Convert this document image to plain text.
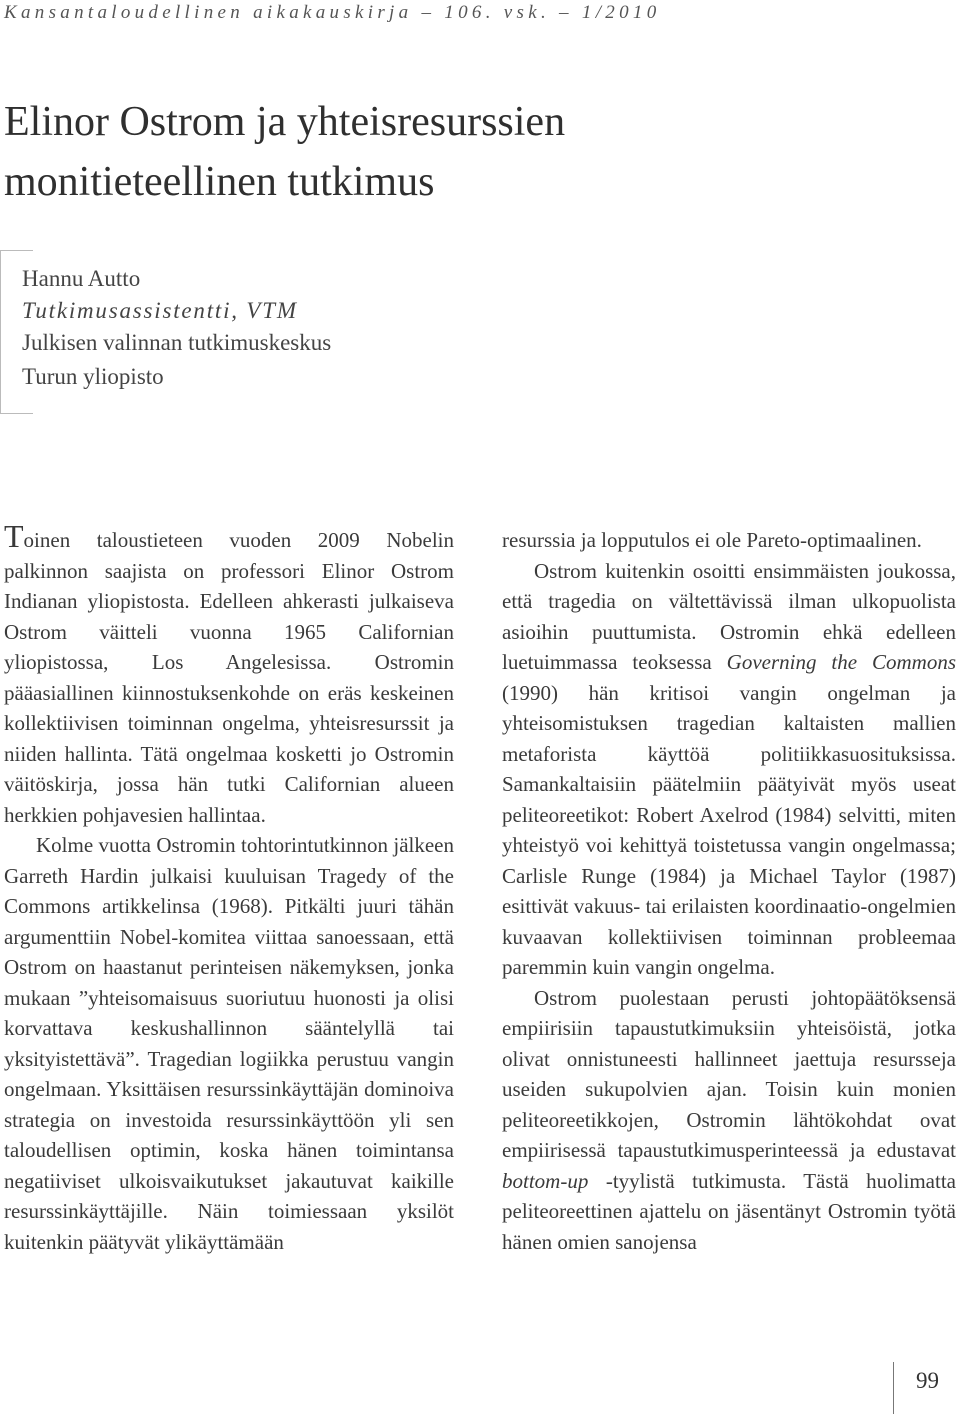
Kansantaloudellinen aikakauskirja – 106. vsk. – 1/2010
Elinor Ostrom ja yhteisresurssien
monitieteellinen tutkimus
Hannu Autto
Tutkimusassistentti, VTM
Julkisen valinnan tutkimuskeskus
Turun yliopisto

Toinen taloustieteen vuoden 2009 Nobelin palkinnon saajista on professori Elinor Ostrom Indianan yliopistosta. Edelleen ahkerasti julkaiseva Ostrom väitteli vuonna 1965 Californian yliopistossa, Los Angelesissa. Ostromin pääasiallinen kiinnostuksenkohde on eräs keskeinen kollektiivisen toiminnan ongelma, yhteisresurssit ja niiden hallinta. Tätä ongelmaa kosketti jo Ostromin väitöskirja, jossa hän tutki Californian alueen herkkien pohjavesien hallintaa.

Kolme vuotta Ostromin tohtorintutkinnon jälkeen Garreth Hardin julkaisi kuuluisan Tragedy of the Commons artikkelinsa (1968). Pitkälti juuri tähän argumenttiin Nobel-komitea viittaa sanoessaan, että Ostrom on haastanut perinteisen näkemyksen, jonka mukaan ”yhteisomaisuus suoriutuu huonosti ja olisi korvattava keskushallinnon sääntelyllä tai yksityistettävä”. Tragedian logiikka perustuu vangin ongelmaan. Yksittäisen resurssinkäyttäjän dominoiva strategia on investoida resurssinkäyttöön yli sen taloudellisen optimin, koska hänen toimintansa negatiiviset ulkoisvaikutukset jakautuvat kaikille resurssinkäyttäjille. Näin toimiessaan yksilöt kuitenkin päätyvät ylikäyttämään

resurssia ja lopputulos ei ole Pareto-optimaalinen.

Ostrom kuitenkin osoitti ensimmäisten joukossa, että tragedia on vältettävissä ilman ulkopuolista asioihin puuttumista. Ostromin ehkä edelleen luetuimmassa teoksessa Governing the Commons (1990) hän kritisoi vangin ongelman ja yhteisomistuksen tragedian kaltaisten mallien metaforista käyttöä politiikkasuosituksissa. Samankaltaisiin päätelmiin päätyivät myös useat peliteoreetikot: Robert Axelrod (1984) selvitti, miten yhteistyö voi kehittyä toistetussa vangin ongelmassa; Carlisle Runge (1984) ja Michael Taylor (1987) esittivät vakuus- tai erilaisten koordinaatio-ongelmien kuvaavan kollektiivisen toiminnan probleemaa paremmin kuin vangin ongelma.

Ostrom puolestaan perusti johtopäätöksensä empiirisiin tapaustutkimuksiin yhteisöistä, jotka olivat onnistuneesti hallinneet jaettuja resursseja useiden sukupolvien ajan. Toisin kuin monien peliteoreetikkojen, Ostromin lähtökohdat ovat empiirisessä tapaustutkimusperinteessä ja edustavat bottom-up -tyylistä tutkimusta. Tästä huolimatta peliteoreettinen ajattelu on jäsentänyt Ostromin työtä hänen omien sanojensa

99
